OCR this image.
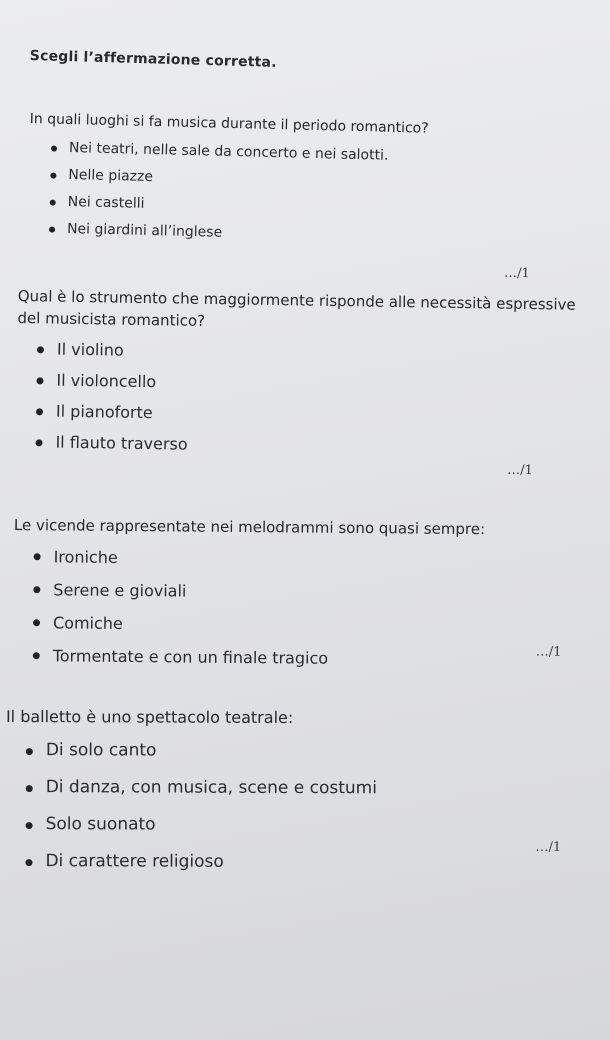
Scegli l’affermazione corretta.
In quali luoghi si fa musica durante il periodo romantico?
Nei teatri, nelle sale da concerto e nei salotti.
Nelle piazze
Nei castelli
Nei giardini all’inglese
…/1
Qual è lo strumento che maggiormente risponde alle necessità espressive del musicista romantico?
Il violino
Il violoncello
Il pianoforte
Il flauto traverso
…/1
Le vicende rappresentate nei melodrammi sono quasi sempre:
Ironiche
Serene e gioviali
Comiche
Tormentate e con un finale tragico	…/1
Il balletto è uno spettacolo teatrale:
Di solo canto
Di danza, con musica, scene e costumi
Solo suonato
Di carattere religioso
…/1
